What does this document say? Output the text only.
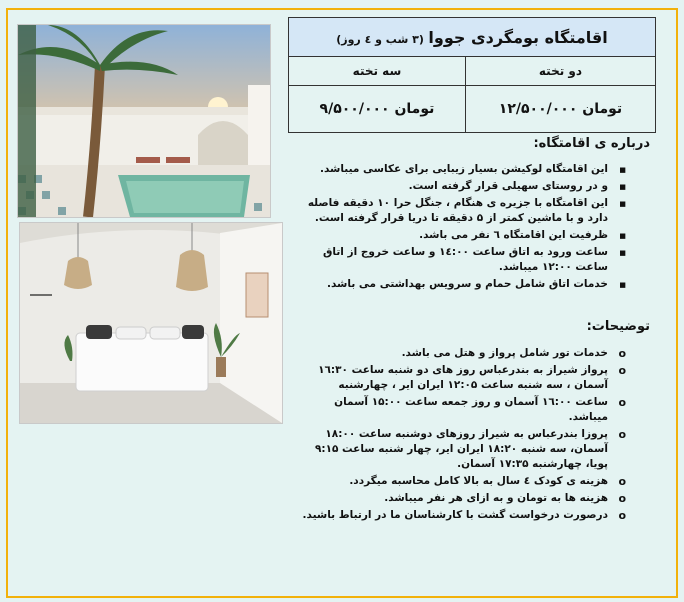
اقامتگاه بومگردی جووا (۳ شب و ٤ روز)	
سه تخته	دو تخته
۹/۵۰۰/۰۰۰ تومان	۱۲/۵۰۰/۰۰۰ تومان
درباره ی اقامتگاه:
■ این اقامتگاه لوکیشن بسیار زیبایی برای عکاسی میباشد.
■ و در روستای سهیلی قرار گرفته است.
■ این اقامتگاه با جزیره ی هنگام ، جنگل حرا ۱۰ دقیقه فاصله دارد و با ماشین کمتر از ۵ دقیقه تا دریا قرار گرفته است.
■ ظرفیت این اقامتگاه ٦ نفر می باشد.
■ ساعت ورود به اتاق ساعت ۱٤:۰۰ و ساعت خروج از اتاق ساعت ۱۲:۰۰ میباشد.
■ خدمات اتاق شامل حمام و سرویس بهداشتی می باشد.
توضیحات:
o خدمات تور شامل پرواز و هتل می باشد.
o پرواز شیراز به بندرعباس روز های دو شنبه ساعت ۱٦:۳۰ آسمان ، سه شنبه ساعت ۱۲:۰۵ ایران ایر ، چهارشنبه
o ساعت ۱٦:۰۰ آسمان و روز جمعه ساعت ۱۵:۰۰ آسمان میباشد.
o پروزا بندرعباس به شیراز روزهای دوشنبه ساعت ۱۸:۰۰ آسمان، سه شنبه ۱۸:۲۰ ایران ایر، چهار شنبه ساعت ۹:۱۵ پویا، چهارشنبه ۱۷:۳۵ آسمان.
o هزینه ی کودک ٤ سال به بالا کامل محاسبه میگردد.
o هزینه ها به تومان و به ازای هر نفر میباشد.
o درصورت درخواست گشت با کارشناسان ما در ارتباط باشید.
